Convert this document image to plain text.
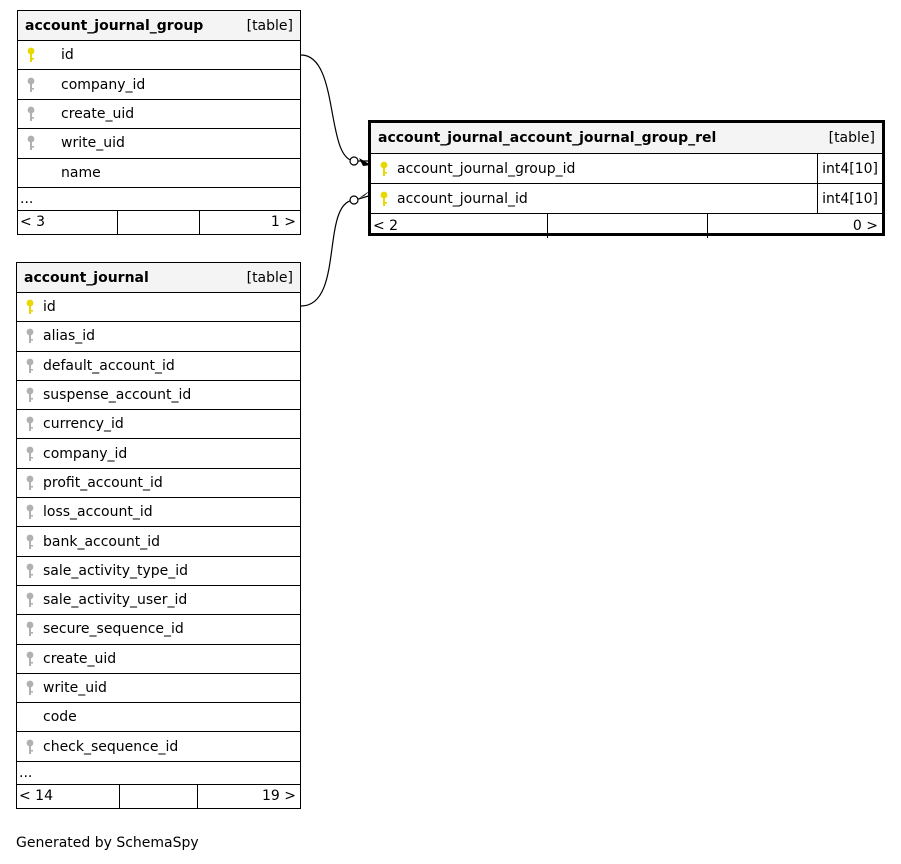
account_journal_group	[table]
id
company_id
create_uid
write_uid
name
...
< 3	1 >
account_journal	[table]
id
alias_id
default_account_id
suspense_account_id
currency_id
company_id
profit_account_id
loss_account_id
bank_account_id
sale_activity_type_id
sale_activity_user_id
secure_sequence_id
create_uid
write_uid
code
check_sequence_id
...
< 14	19 >
account_journal_account_journal_group_rel	[table]
account_journal_group_id	int4[10]
account_journal_id	int4[10]
< 2	0 >
Generated by SchemaSpy
